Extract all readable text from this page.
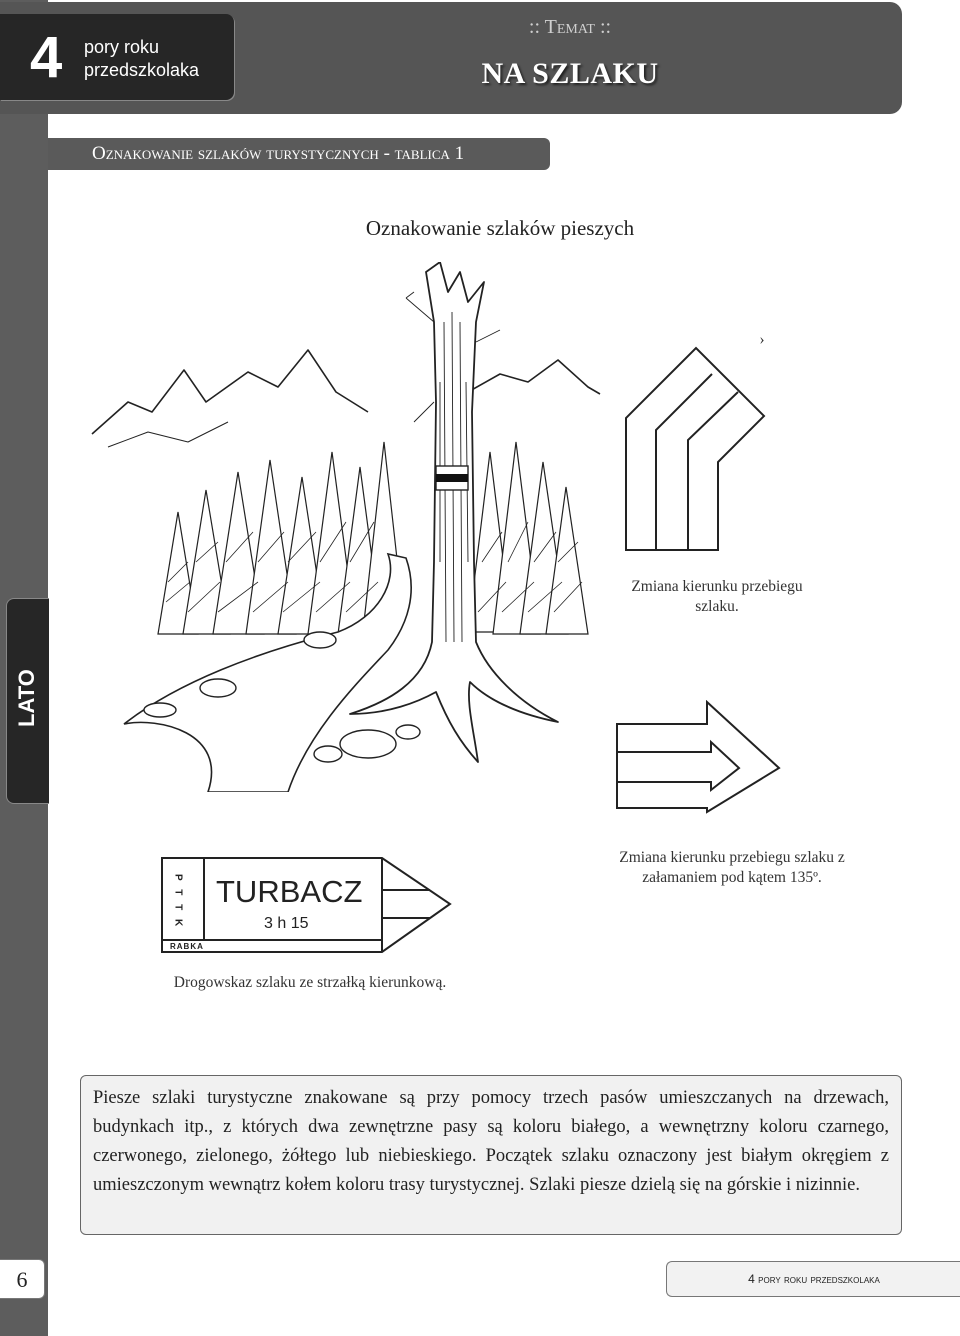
:: Temat ::
NA SZLAKU
4 pory roku przedszkolaka
Oznakowanie szlaków turystycznych - tablica 1
Oznakowanie szlaków pieszych
›
Zmiana kierunku przebiegu szlaku.
Zmiana kierunku przebiegu szlaku z załamaniem pod kątem 135º.
P T T K TURBACZ
3 h 15
RABKA
Drogowskaz szlaku ze strzałką kierunkową.
LATO
Piesze szlaki turystyczne znakowane są przy pomocy trzech pasów umieszczanych na drzewach, budynkach itp., z których dwa zewnętrzne pasy są koloru białego, a wewnętrzny koloru czarnego, czerwonego, zielonego, żółtego lub niebieskiego. Początek szlaku oznaczony jest białym okręgiem z umieszczonym wewnątrz kołem koloru trasy turystycznej. Szlaki piesze dzielą się na górskie i nizinnie.
6	4 pory roku przedszkolaka
